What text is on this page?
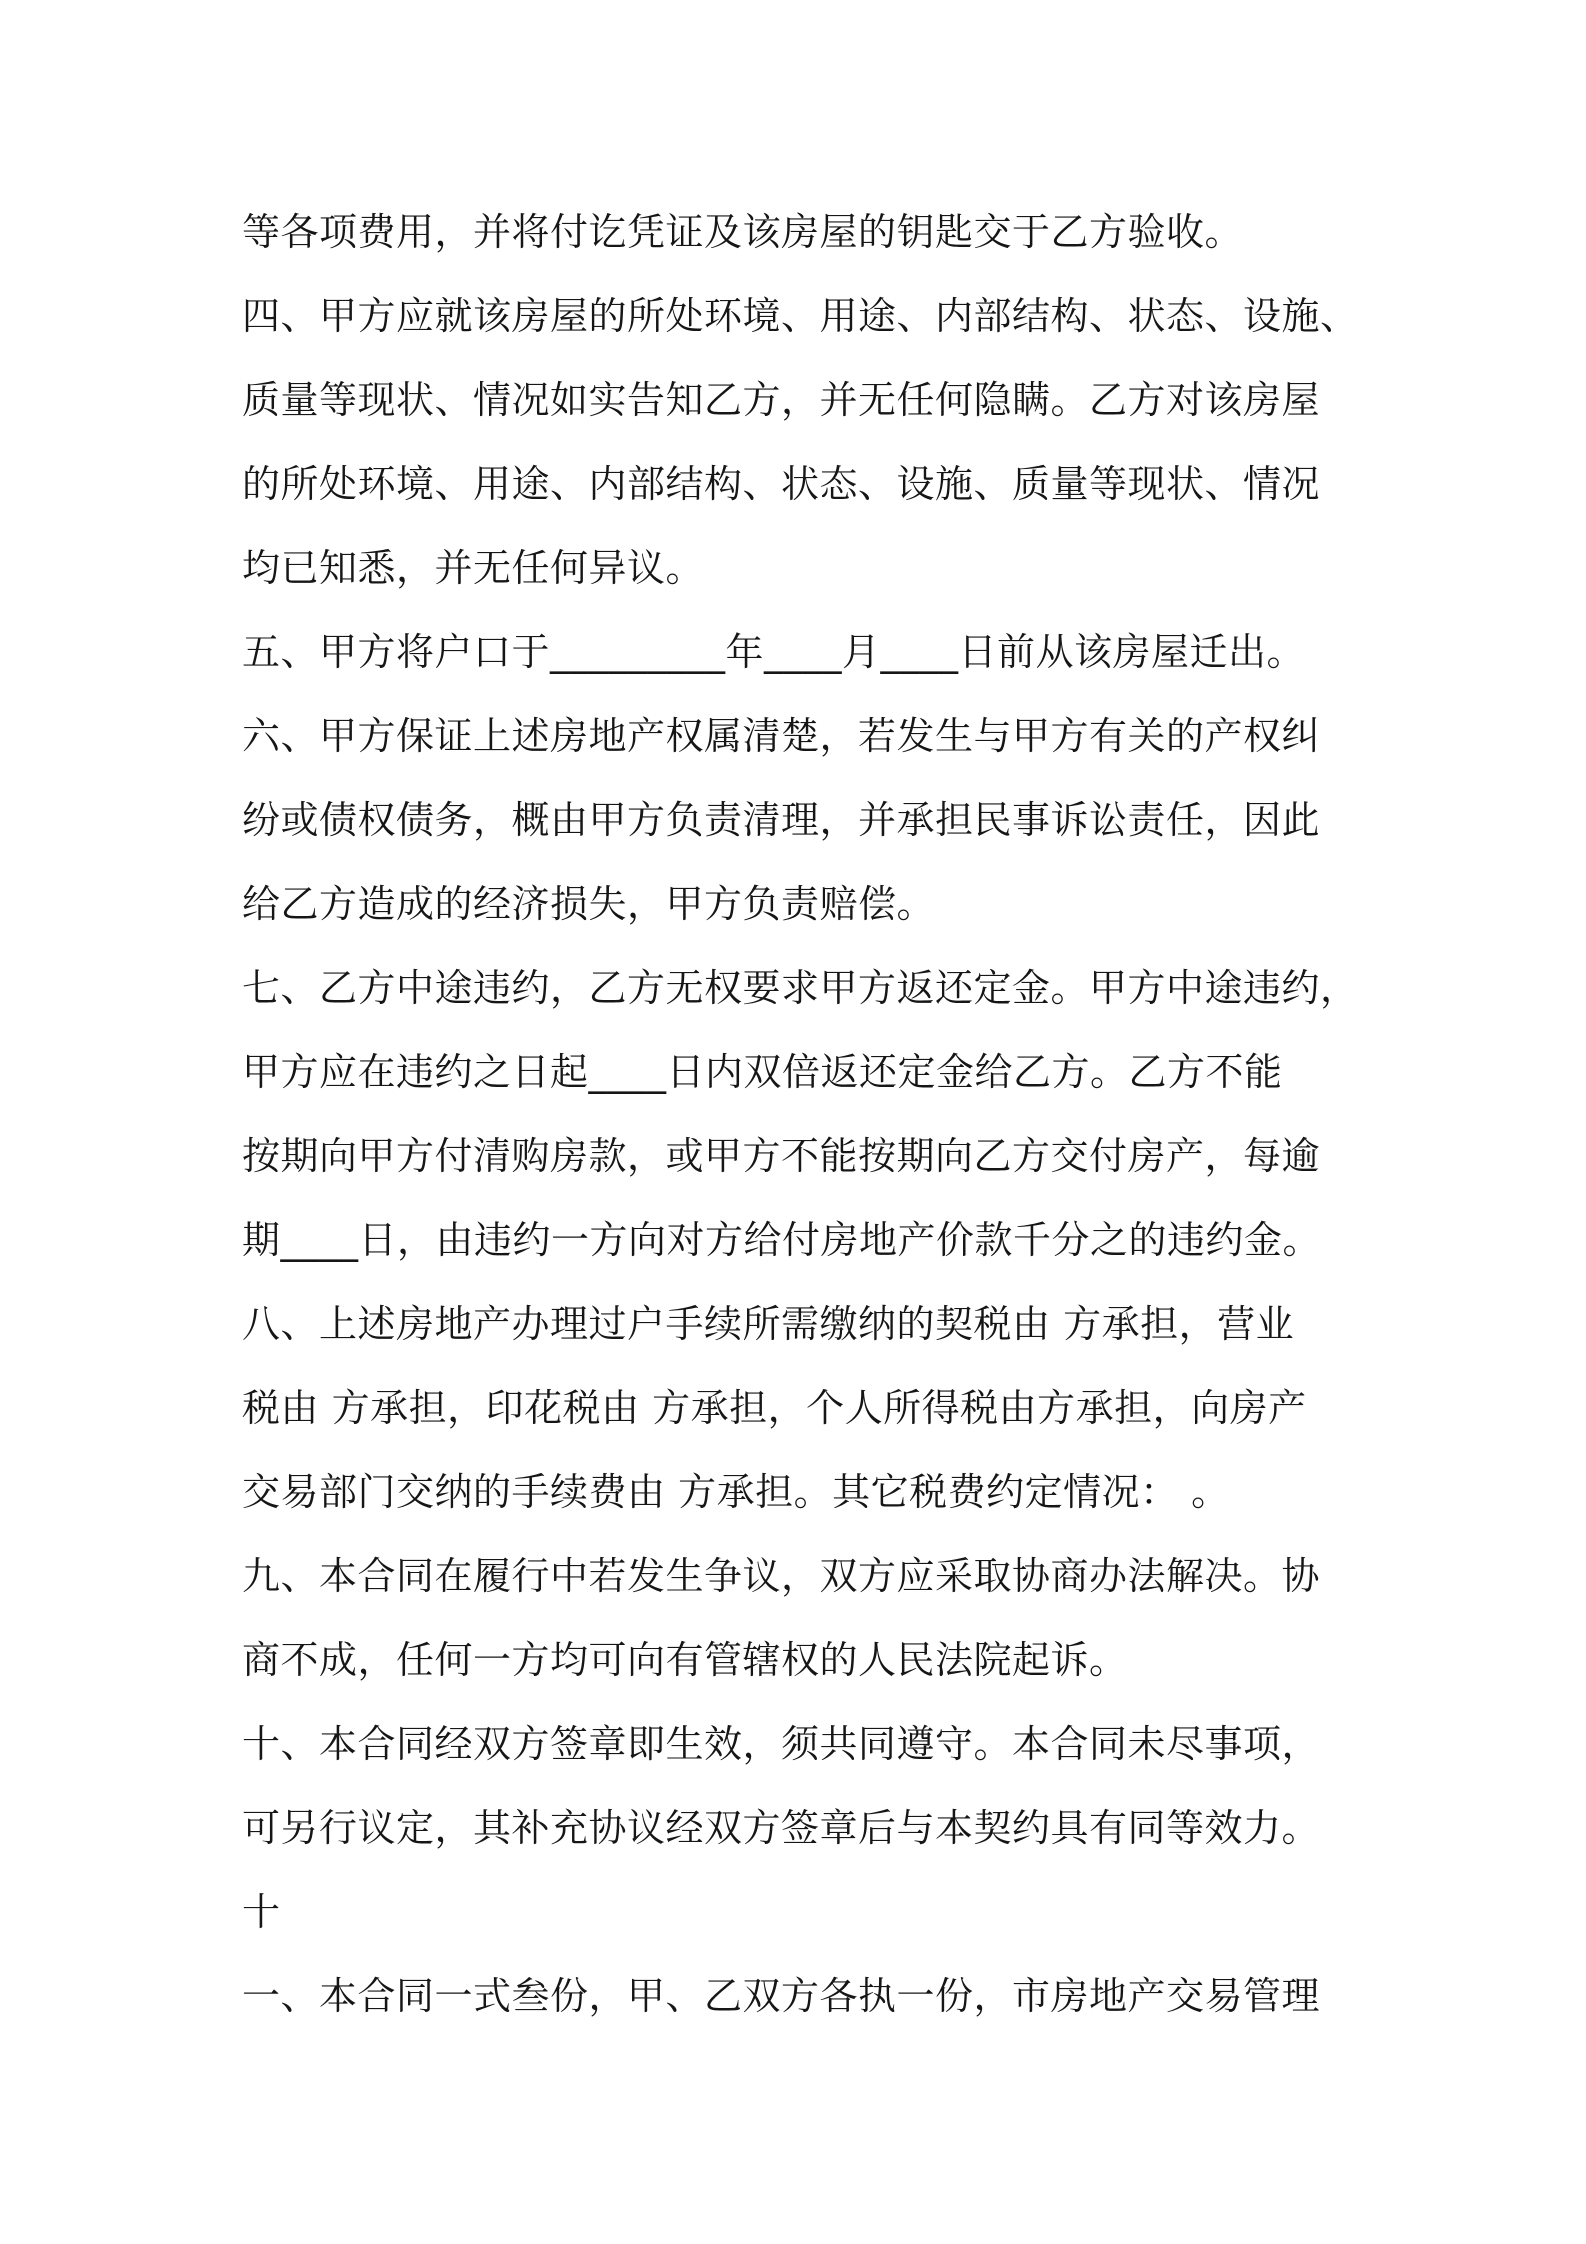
等各项费用，并将付讫凭证及该房屋的钥匙交于乙方验收。
四、甲方应就该房屋的所处环境、用途、内部结构、状态、设施、
质量等现状、情况如实告知乙方，并无任何隐瞒。乙方对该房屋
的所处环境、用途、内部结构、状态、设施、质量等现状、情况
均已知悉，并无任何异议。
五、甲方将户口于_________年____月____日前从该房屋迁出。
六、甲方保证上述房地产权属清楚，若发生与甲方有关的产权纠
纷或债权债务，概由甲方负责清理，并承担民事诉讼责任，因此
给乙方造成的经济损失，甲方负责赔偿。
七、乙方中途违约，乙方无权要求甲方返还定金。甲方中途违约，
甲方应在违约之日起____日内双倍返还定金给乙方。乙方不能
按期向甲方付清购房款，或甲方不能按期向乙方交付房产，每逾
期____日，由违约一方向对方给付房地产价款千分之的违约金。
八、上述房地产办理过户手续所需缴纳的契税由 方承担，营业
税由 方承担，印花税由 方承担，个人所得税由方承担，向房产
交易部门交纳的手续费由 方承担。其它税费约定情况： 。
九、本合同在履行中若发生争议，双方应采取协商办法解决。协
商不成，任何一方均可向有管辖权的人民法院起诉。
十、本合同经双方签章即生效，须共同遵守。本合同未尽事项，
可另行议定，其补充协议经双方签章后与本契约具有同等效力。
十
一、本合同一式叁份，甲、乙双方各执一份，市房地产交易管理
